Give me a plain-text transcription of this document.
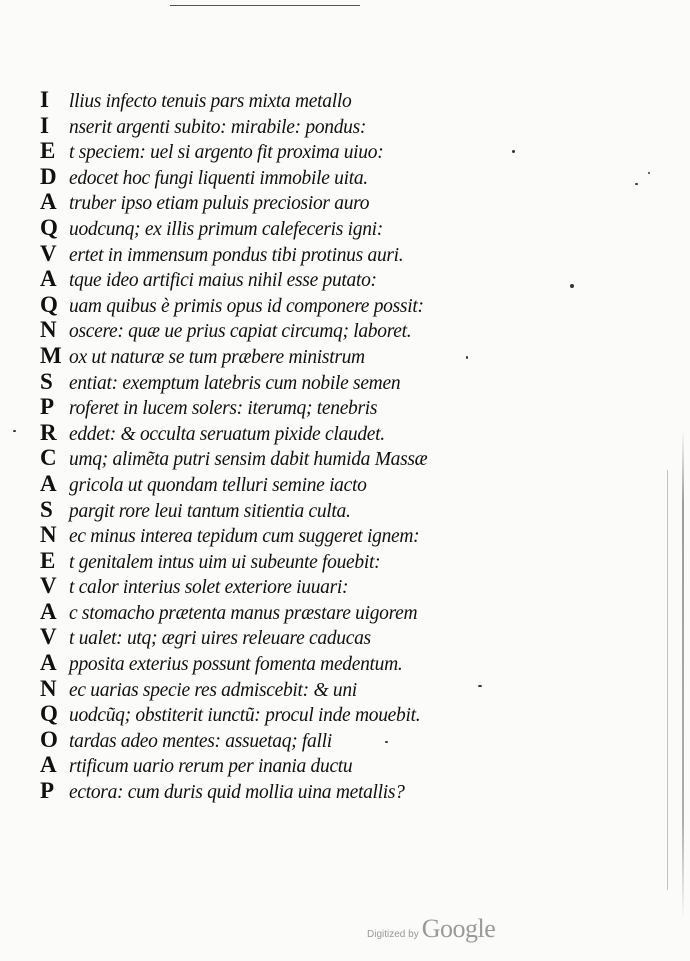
I	llius infecto tenuis pars mixta metallo
I	nserit argenti subito: mirabile: pondus:
E t speciem: uel si argento fit proxima uiuo:
D edocet hoc fungi liquenti immobile uita.
A truber ipso etiam puluis preciosior auro
Q uodcunq; ex illis primum calefeceris igni:
V ertet in immensum pondus tibi protinus auri.
A tque ideo artifici maius nihil esse putato:
Q uam quibus è primis opus id componere possit:
N oscere: quæ ue prius capiat circumq; laboret.
M ox ut naturæ se tum præbere ministrum
S entiat: exemptum latebris cum nobile semen
P roferet in lucem solers: iterumq; tenebris
R eddet: & occulta seruatum pixide claudet.
C umq; alimẽta putri sensim dabit humida Massæ
A gricola ut quondam telluri semine iacto
S pargit rore leui tantum sitientia culta.
N ec minus interea tepidum cum suggeret ignem:
E t genitalem intus uim ui subeunte fouebit:
V t calor interius solet exteriore iuuari:
A c stomacho prætenta manus præstare uigorem
V t ualet: utq; ægri uires releuare caducas
A pposita exterius possunt fomenta medentum.
N ec uarias specie res admiscebit: & uni
Q uodcũq; obstiterit iunctũ: procul inde mouebit.
O tardas adeo mentes: assuetaq; falli
A rtificum uario rerum per inania ductu
P ectora: cum duris quid mollia uina metallis?
Digitized by Google
